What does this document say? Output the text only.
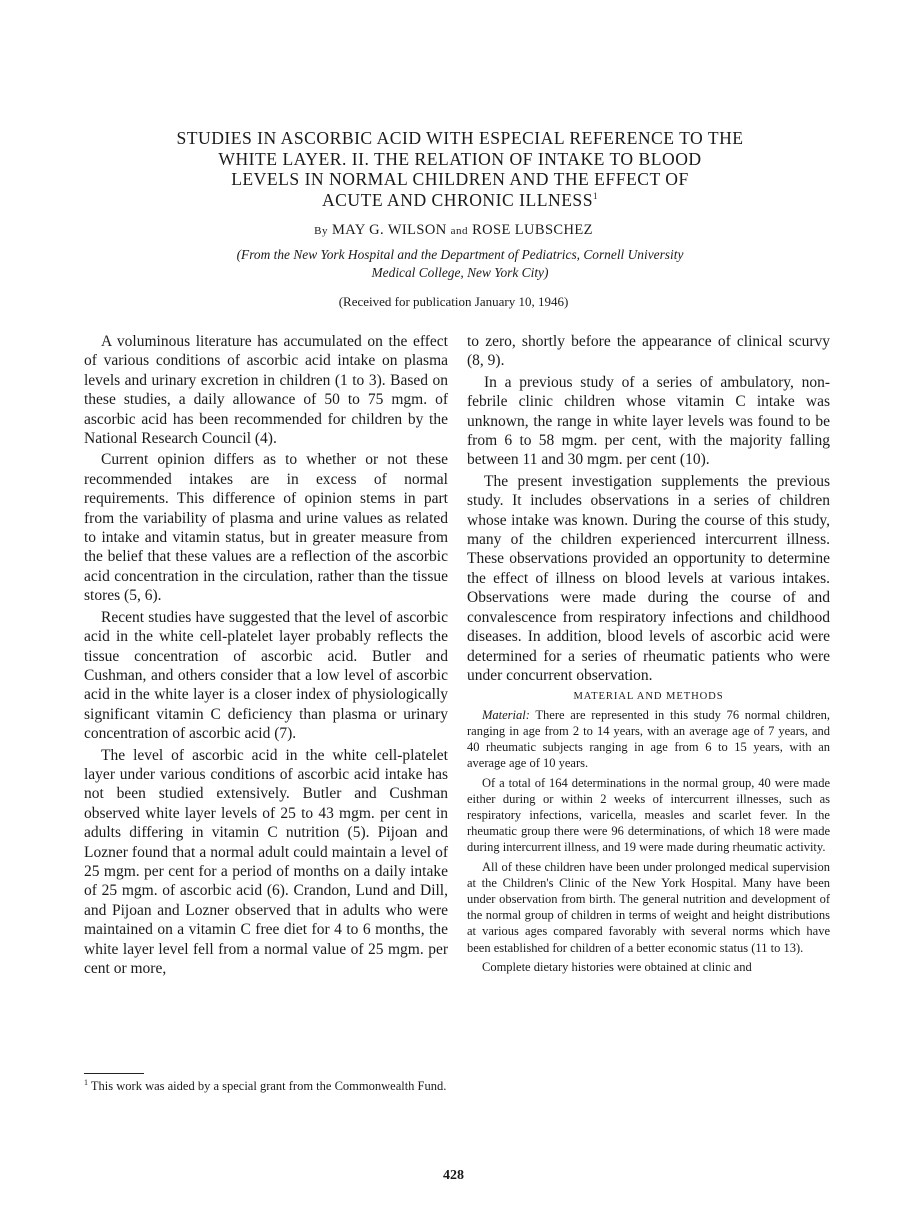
STUDIES IN ASCORBIC ACID WITH ESPECIAL REFERENCE TO THE
WHITE LAYER. II. THE RELATION OF INTAKE TO BLOOD
LEVELS IN NORMAL CHILDREN AND THE EFFECT OF
ACUTE AND CHRONIC ILLNESS$^1$
By MAY G. WILSON and ROSE LUBSCHEZ
(From the New York Hospital and the Department of Pediatrics, Cornell University
Medical College, New York City)
(Received for publication January 10, 1946)

A voluminous literature has accumulated on the effect of various conditions of ascorbic acid intake on plasma levels and urinary excretion in children (1 to 3). Based on these studies, a daily allowance of 50 to 75 mgm. of ascorbic acid has been recommended for children by the National Research Council (4).

Current opinion differs as to whether or not these recommended intakes are in excess of normal requirements. This difference of opinion stems in part from the variability of plasma and urine values as related to intake and vitamin status, but in greater measure from the belief that these values are a reflection of the ascorbic acid concentration in the circulation, rather than the tissue stores (5, 6).

Recent studies have suggested that the level of ascorbic acid in the white cell-platelet layer probably reflects the tissue concentration of ascorbic acid. Butler and Cushman, and others consider that a low level of ascorbic acid in the white layer is a closer index of physiologically significant vitamin C deficiency than plasma or urinary concentration of ascorbic acid (7).

The level of ascorbic acid in the white cell-platelet layer under various conditions of ascorbic acid intake has not been studied extensively. Butler and Cushman observed white layer levels of 25 to 43 mgm. per cent in adults differing in vitamin C nutrition (5). Pijoan and Lozner found that a normal adult could maintain a level of 25 mgm. per cent for a period of months on a daily intake of 25 mgm. of ascorbic acid (6). Crandon, Lund and Dill, and Pijoan and Lozner observed that in adults who were maintained on a vitamin C free diet for 4 to 6 months, the white layer level fell from a normal value of 25 mgm. per cent or more,

$^1$ This work was aided by a special grant from the Commonwealth Fund.

to zero, shortly before the appearance of clinical scurvy (8, 9).

In a previous study of a series of ambulatory, non-febrile clinic children whose vitamin C intake was unknown, the range in white layer levels was found to be from 6 to 58 mgm. per cent, with the majority falling between 11 and 30 mgm. per cent (10).

The present investigation supplements the previous study. It includes observations in a series of children whose intake was known. During the course of this study, many of the children experienced intercurrent illness. These observations provided an opportunity to determine the effect of illness on blood levels at various intakes. Observations were made during the course of and convalescence from respiratory infections and childhood diseases. In addition, blood levels of ascorbic acid were determined for a series of rheumatic patients who were under concurrent observation.

MATERIAL AND METHODS

Material: There are represented in this study 76 normal children, ranging in age from 2 to 14 years, with an average age of 7 years, and 40 rheumatic subjects ranging in age from 6 to 15 years, with an average age of 10 years.

Of a total of 164 determinations in the normal group, 40 were made either during or within 2 weeks of intercurrent illnesses, such as respiratory infections, varicella, measles and scarlet fever. In the rheumatic group there were 96 determinations, of which 18 were made during intercurrent illness, and 19 were made during rheumatic activity.

All of these children have been under prolonged medical supervision at the Children's Clinic of the New York Hospital. Many have been under observation from birth. The general nutrition and development of the normal group of children in terms of weight and height distributions at various ages compared favorably with several norms which have been established for children of a better economic status (11 to 13).

Complete dietary histories were obtained at clinic and

428
